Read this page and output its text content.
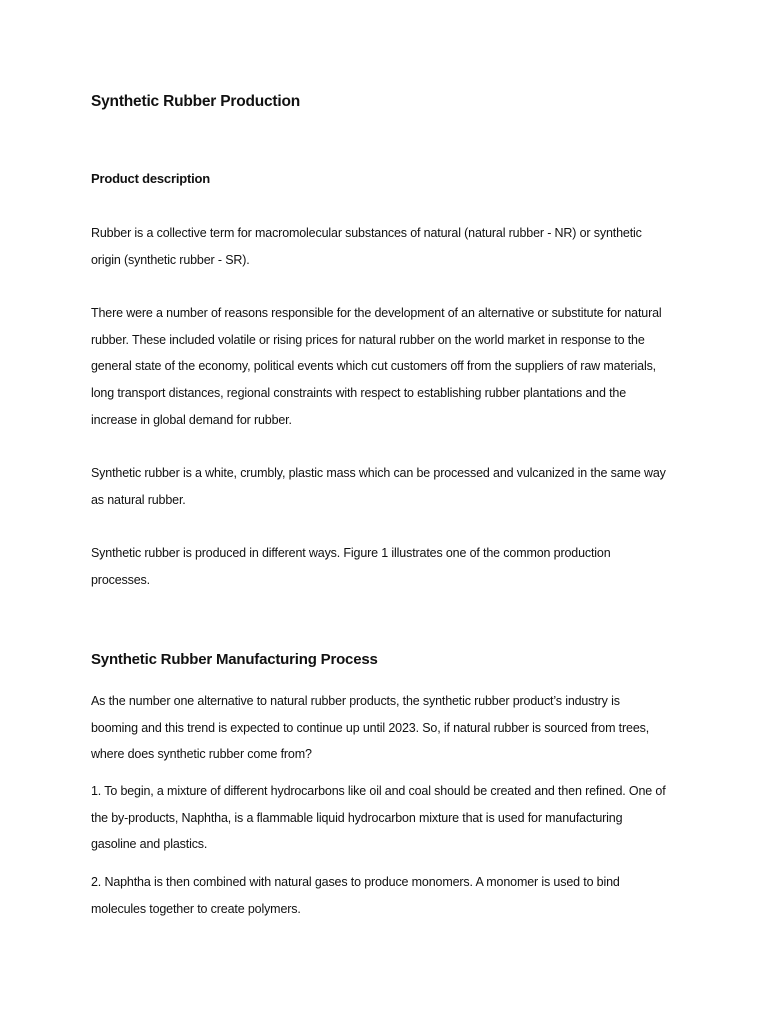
Synthetic Rubber Production
Product description

Rubber is a collective term for macromolecular substances of natural (natural rubber - NR) or synthetic
origin (synthetic rubber - SR).

There were a number of reasons responsible for the development of an alternative or substitute for natural
rubber. These included volatile or rising prices for natural rubber on the world market in response to the
general state of the economy, political events which cut customers off from the suppliers of raw materials,
long transport distances, regional constraints with respect to establishing rubber plantations and the
increase in global demand for rubber.

Synthetic rubber is a white, crumbly, plastic mass which can be processed and vulcanized in the same way
as natural rubber.

Synthetic rubber is produced in different ways. Figure 1 illustrates one of the common production
processes.

Synthetic Rubber Manufacturing Process

As the number one alternative to natural rubber products, the synthetic rubber product’s industry is
booming and this trend is expected to continue up until 2023. So, if natural rubber is sourced from trees,
where does synthetic rubber come from?

1. To begin, a mixture of different hydrocarbons like oil and coal should be created and then refined. One of
the by-products, Naphtha, is a flammable liquid hydrocarbon mixture that is used for manufacturing
gasoline and plastics.

2. Naphtha is then combined with natural gases to produce monomers. A monomer is used to bind
molecules together to create polymers.
